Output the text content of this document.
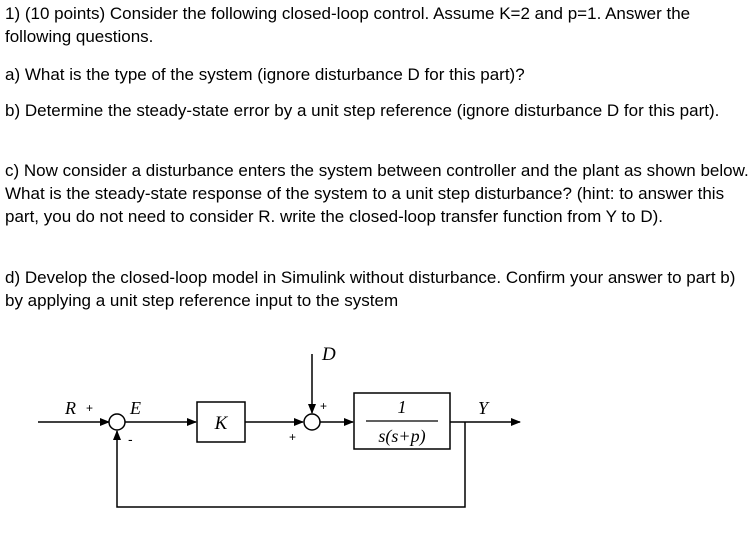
1) (10 points) Consider the following closed-loop control. Assume K=2 and p=1. Answer the following questions.

a) What is the type of the system (ignore disturbance D for this part)?

b) Determine the steady-state error by a unit step reference (ignore disturbance D for this part).

c) Now consider a disturbance enters the system between controller and the plant as shown below. What is the steady-state response of the system to a unit step disturbance? (hint: to answer this part, you do not need to consider R. write the closed-loop transfer function from Y to D).

d) Develop the closed-loop model in Simulink without disturbance. Confirm your answer to part b) by applying a unit step reference input to the system

R + E
-
K
+
D
+	1
s(s+p)
Y
